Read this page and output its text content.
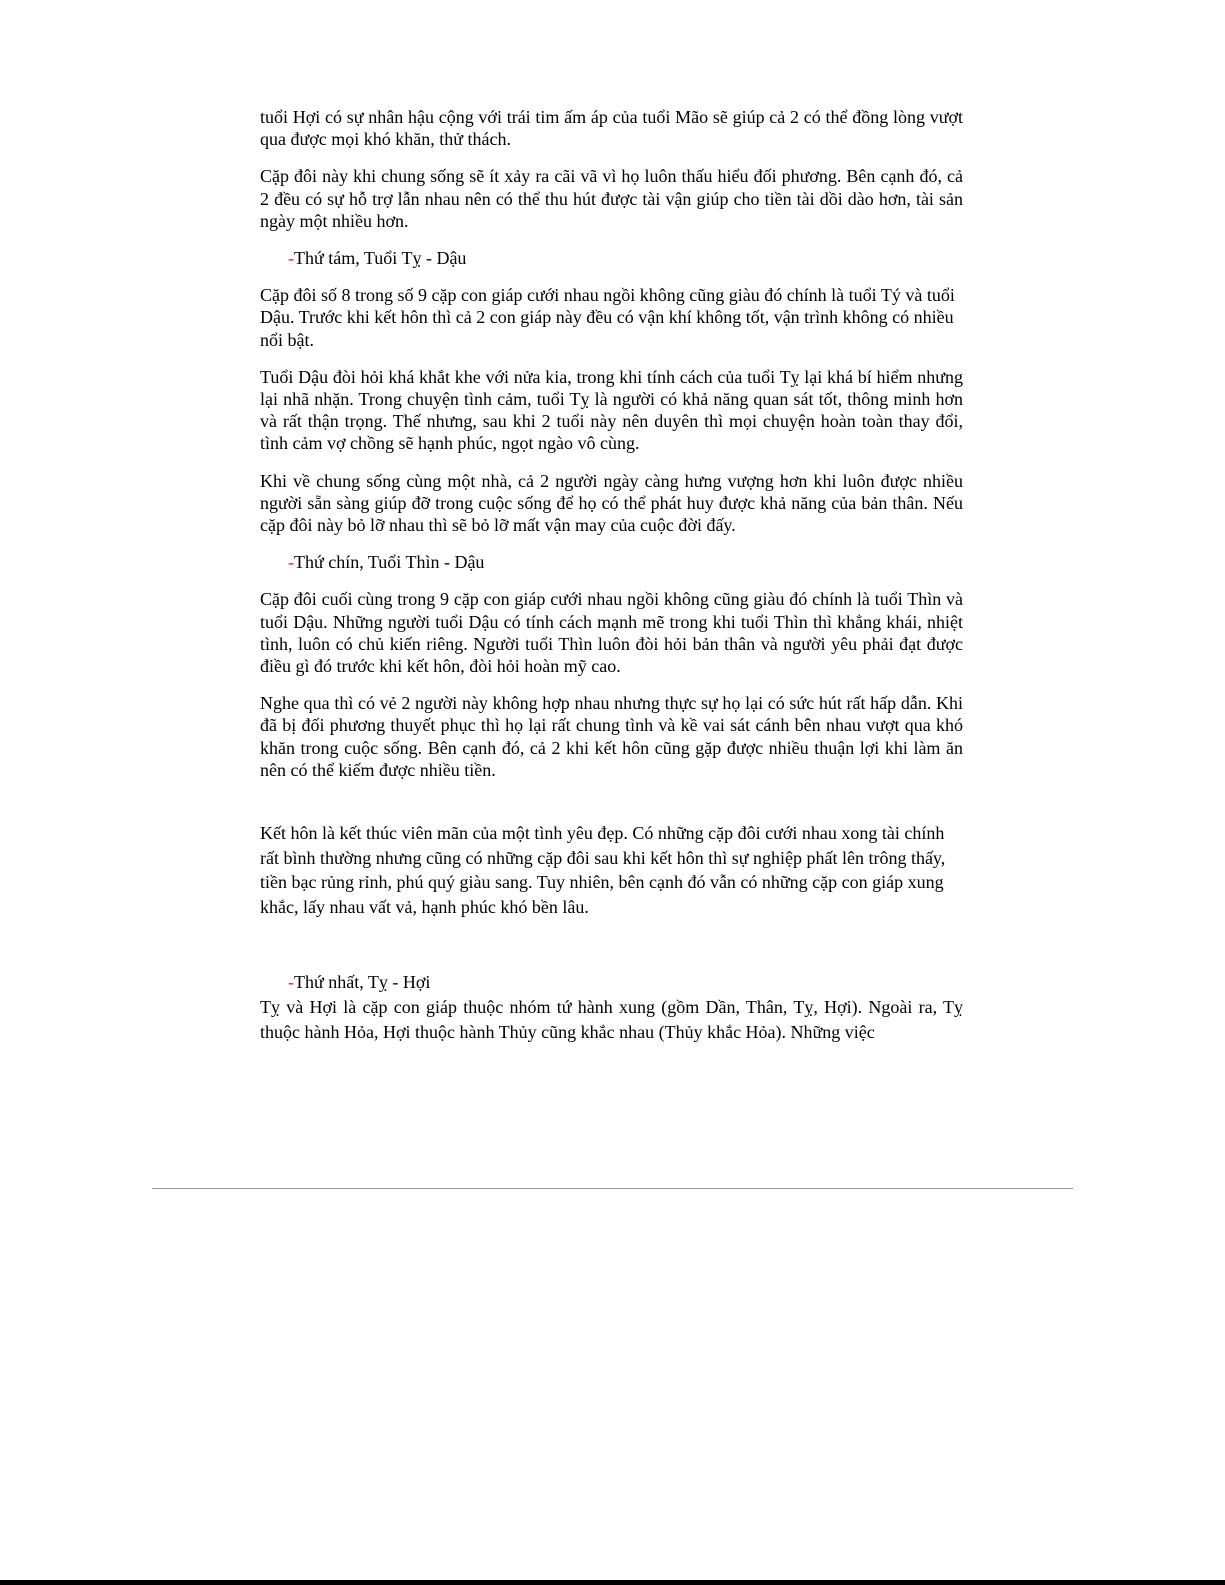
tuổi Hợi có sự nhân hậu cộng với trái tim ấm áp của tuổi Mão sẽ giúp cả 2 có thể đồng lòng vượt qua được mọi khó khăn, thử thách.

Cặp đôi này khi chung sống sẽ ít xảy ra cãi vã vì họ luôn thấu hiểu đối phương. Bên cạnh đó, cả 2 đều có sự hỗ trợ lẫn nhau nên có thể thu hút được tài vận giúp cho tiền tài dồi dào hơn, tài sản ngày một nhiều hơn.

-Thứ tám, Tuổi Tỵ - Dậu

Cặp đôi số 8 trong số 9 cặp con giáp cưới nhau ngồi không cũng giàu đó chính là tuổi Tý và tuổi Dậu. Trước khi kết hôn thì cả 2 con giáp này đều có vận khí không tốt, vận trình không có nhiều nổi bật.

Tuổi Dậu đòi hỏi khá khắt khe với nửa kia, trong khi tính cách của tuổi Tỵ lại khá bí hiểm nhưng lại nhã nhặn. Trong chuyện tình cảm, tuổi Tỵ là người có khả năng quan sát tốt, thông minh hơn và rất thận trọng. Thế nhưng, sau khi 2 tuổi này nên duyên thì mọi chuyện hoàn toàn thay đổi, tình cảm vợ chồng sẽ hạnh phúc, ngọt ngào vô cùng.

Khi về chung sống cùng một nhà, cả 2 người ngày càng hưng vượng hơn khi luôn được nhiều người sẵn sàng giúp đỡ trong cuộc sống để họ có thể phát huy được khả năng của bản thân. Nếu cặp đôi này bỏ lỡ nhau thì sẽ bỏ lỡ mất vận may của cuộc đời đấy.

-Thứ chín, Tuổi Thìn - Dậu

Cặp đôi cuối cùng trong 9 cặp con giáp cưới nhau ngồi không cũng giàu đó chính là tuổi Thìn và tuổi Dậu. Những người tuổi Dậu có tính cách mạnh mẽ trong khi tuổi Thìn thì khẳng khái, nhiệt tình, luôn có chủ kiến riêng. Người tuổi Thìn luôn đòi hỏi bản thân và người yêu phải đạt được điều gì đó trước khi kết hôn, đòi hỏi hoàn mỹ cao.

Nghe qua thì có vẻ 2 người này không hợp nhau nhưng thực sự họ lại có sức hút rất hấp dẫn. Khi đã bị đối phương thuyết phục thì họ lại rất chung tình và kề vai sát cánh bên nhau vượt qua khó khăn trong cuộc sống. Bên cạnh đó, cả 2 khi kết hôn cũng gặp được nhiều thuận lợi khi làm ăn nên có thể kiếm được nhiều tiền.

Kết hôn là kết thúc viên mãn của một tình yêu đẹp. Có những cặp đôi cưới nhau xong tài chính rất bình thường nhưng cũng có những cặp đôi sau khi kết hôn thì sự nghiệp phất lên trông thấy, tiền bạc rủng rỉnh, phú quý giàu sang. Tuy nhiên, bên cạnh đó vẫn có những cặp con giáp xung khắc, lấy nhau vất vả, hạnh phúc khó bền lâu.

-Thứ nhất, Tỵ - Hợi

Tỵ và Hợi là cặp con giáp thuộc nhóm tứ hành xung (gồm Dần, Thân, Tỵ, Hợi). Ngoài ra, Tỵ thuộc hành Hỏa, Hợi thuộc hành Thủy cũng khắc nhau (Thủy khắc Hỏa). Những việc
